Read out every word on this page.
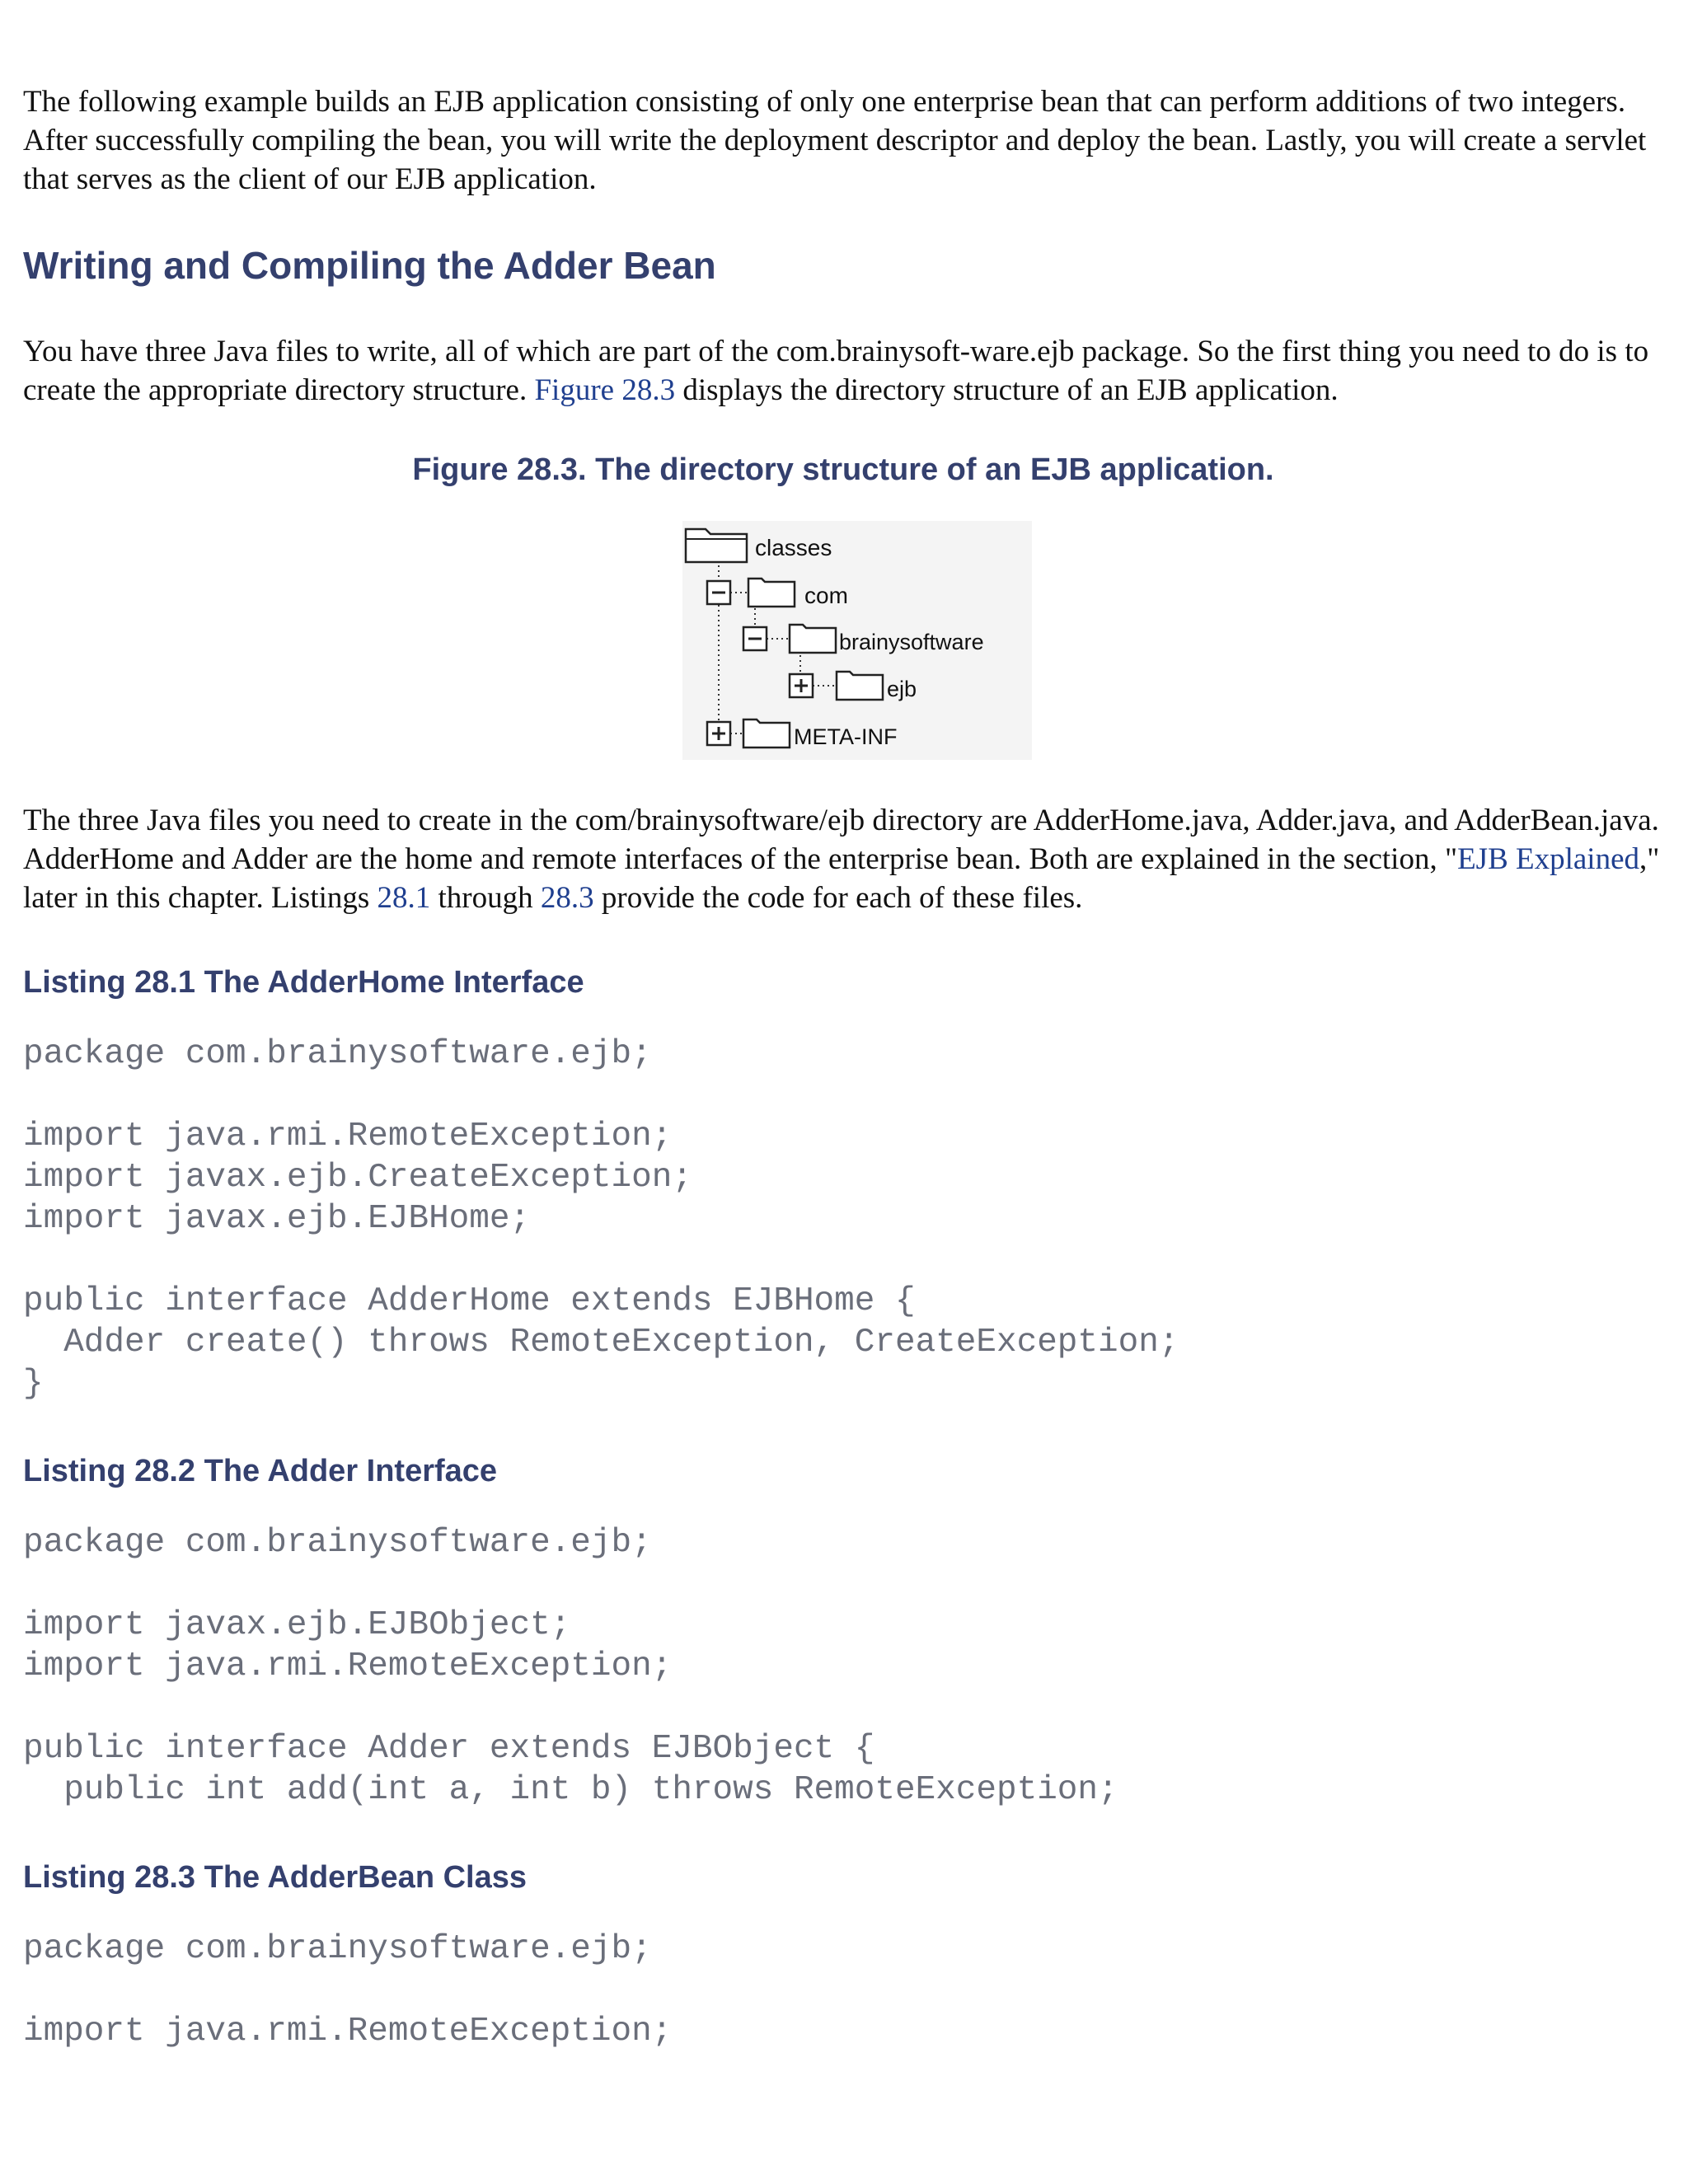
The following example builds an EJB application consisting of only one enterprise bean that can perform additions of two integers. After successfully compiling the bean, you will write the deployment descriptor and deploy the bean. Lastly, you will create a servlet that serves as the client of our EJB application.

Writing and Compiling the Adder Bean

You have three Java files to write, all of which are part of the com.brainysoft-ware.ejb package. So the first thing you need to do is to create the appropriate directory structure. Figure 28.3 displays the directory structure of an EJB application.

Figure 28.3. The directory structure of an EJB application.
classes
com
brainysoftware
ejb
META-INF

The three Java files you need to create in the com/brainysoftware/ejb directory are AdderHome.java, Adder.java, and AdderBean.java. AdderHome and Adder are the home and remote interfaces of the enterprise bean. Both are explained in the section, "EJB Explained," later in this chapter. Listings 28.1 through 28.3 provide the code for each of these files.

Listing 28.1 The AdderHome Interface
package com.brainysoftware.ejb;

import java.rmi.RemoteException;
import javax.ejb.CreateException;
import javax.ejb.EJBHome;

public interface AdderHome extends EJBHome {
Adder create() throws RemoteException, CreateException;
}
Listing 28.2 The Adder Interface
package com.brainysoftware.ejb;

import javax.ejb.EJBObject;
import java.rmi.RemoteException;

public interface Adder extends EJBObject {
public int add(int a, int b) throws RemoteException;
Listing 28.3 The AdderBean Class
package com.brainysoftware.ejb;

import java.rmi.RemoteException;
